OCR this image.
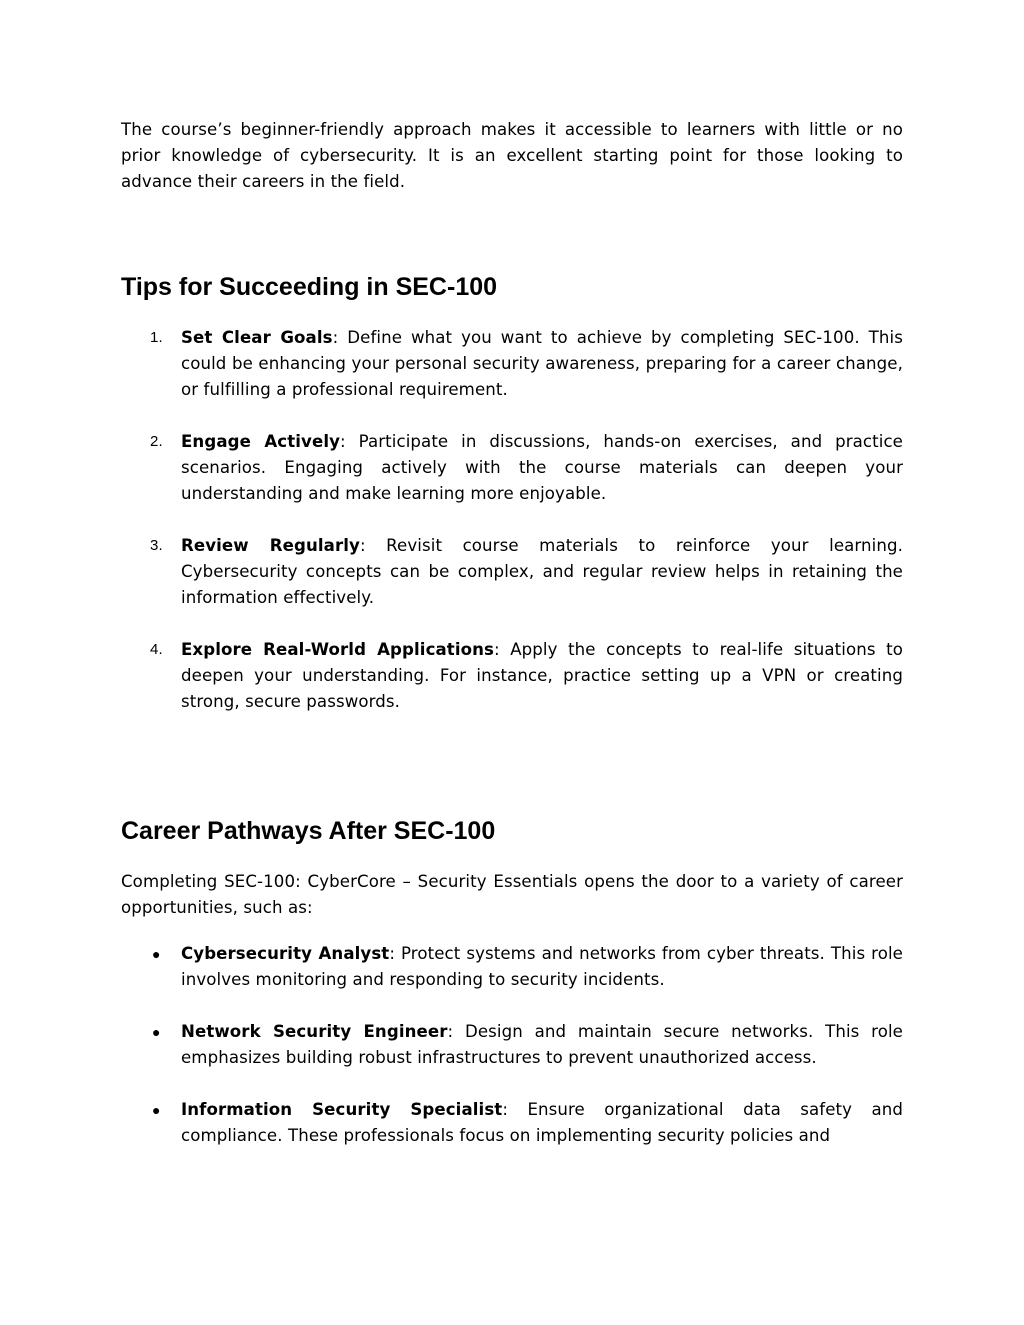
The course’s beginner-friendly approach makes it accessible to learners with little or no prior knowledge of cybersecurity. It is an excellent starting point for those looking to advance their careers in the field.

Tips for Succeeding in SEC-100
1. Set Clear Goals: Define what you want to achieve by completing SEC-100. This could be enhancing your personal security awareness, preparing for a career change, or fulfilling a professional requirement.
2. Engage Actively: Participate in discussions, hands-on exercises, and practice scenarios. Engaging actively with the course materials can deepen your understanding and make learning more enjoyable.
3. Review Regularly: Revisit course materials to reinforce your learning. Cybersecurity concepts can be complex, and regular review helps in retaining the information effectively.
4. Explore Real-World Applications: Apply the concepts to real-life situations to deepen your understanding. For instance, practice setting up a VPN or creating strong, secure passwords.
Career Pathways After SEC-100

Completing SEC-100: CyberCore – Security Essentials opens the door to a variety of career opportunities, such as:

● Cybersecurity Analyst: Protect systems and networks from cyber threats. This role involves monitoring and responding to security incidents.
● Network Security Engineer: Design and maintain secure networks. This role emphasizes building robust infrastructures to prevent unauthorized access.
● Information Security Specialist: Ensure organizational data safety and compliance. These professionals focus on implementing security policies and
